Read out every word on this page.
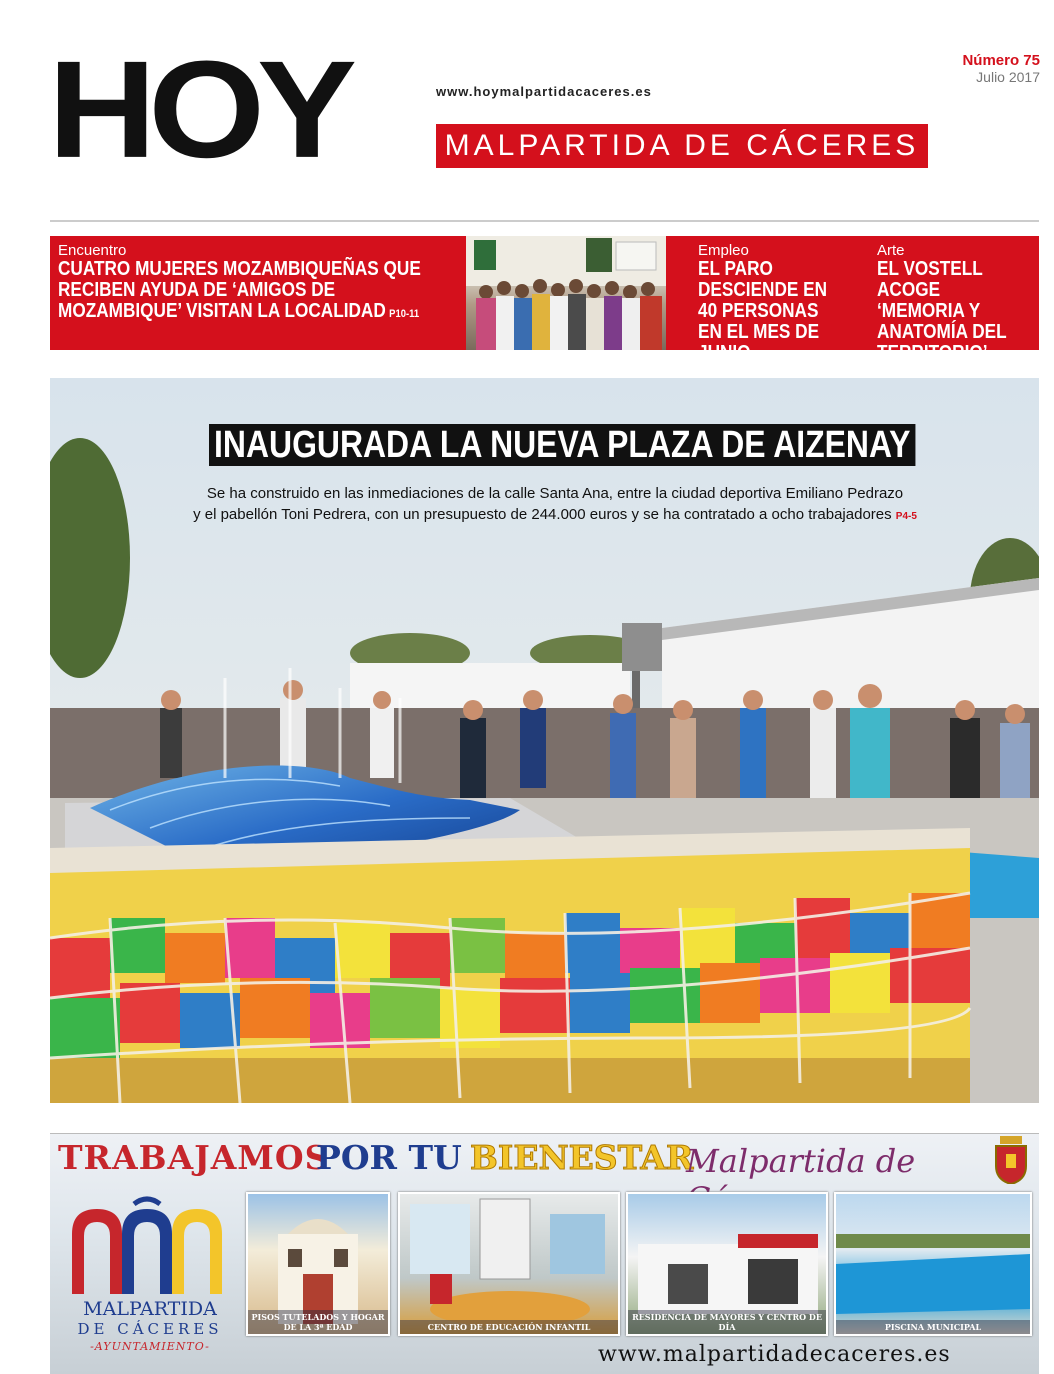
HOY	www.hoymalpartidacaceres.es
MALPARTIDA DE CÁCERES
Número 75
Julio 2017
Encuentro
CUATRO MUJERES MOZAMBIQUEÑAS QUE RECIBEN AYUDA DE ‘AMIGOS DE MOZAMBIQUE’ VISITAN LA LOCALIDAD P10-11
Empleo
EL PARO DESCIENDE EN 40 PERSONAS EN EL MES DE JUNIO P2
Arte
EL VOSTELL ACOGE ‘MEMORIA Y ANATOMÍA DEL TERRITORIO’ P6
INAUGURADA LA NUEVA PLAZA DE AIZENAY
Se ha construido en las inmediaciones de la calle Santa Ana, entre la ciudad deportiva Emiliano Pedrazo
y el pabellón Toni Pedrera, con un presupuesto de 244.000 euros y se ha contratado a ocho trabajadores P4-5
TRABAJAMOS
POR TU BIENESTAR
Malpartida de
MALPARTIDA
DE CÁCERES
-AYUNTAMIENTO-
PISOS TUTELADOS Y HOGAR DE LA 3ª EDAD	CENTRO DE EDUCACIÓN INFANTIL
RESIDENCIA DE MAYORES Y CENTRO DE DÍA	PISCINA MUNICIPAL
www.malpartidadecaceres.es
